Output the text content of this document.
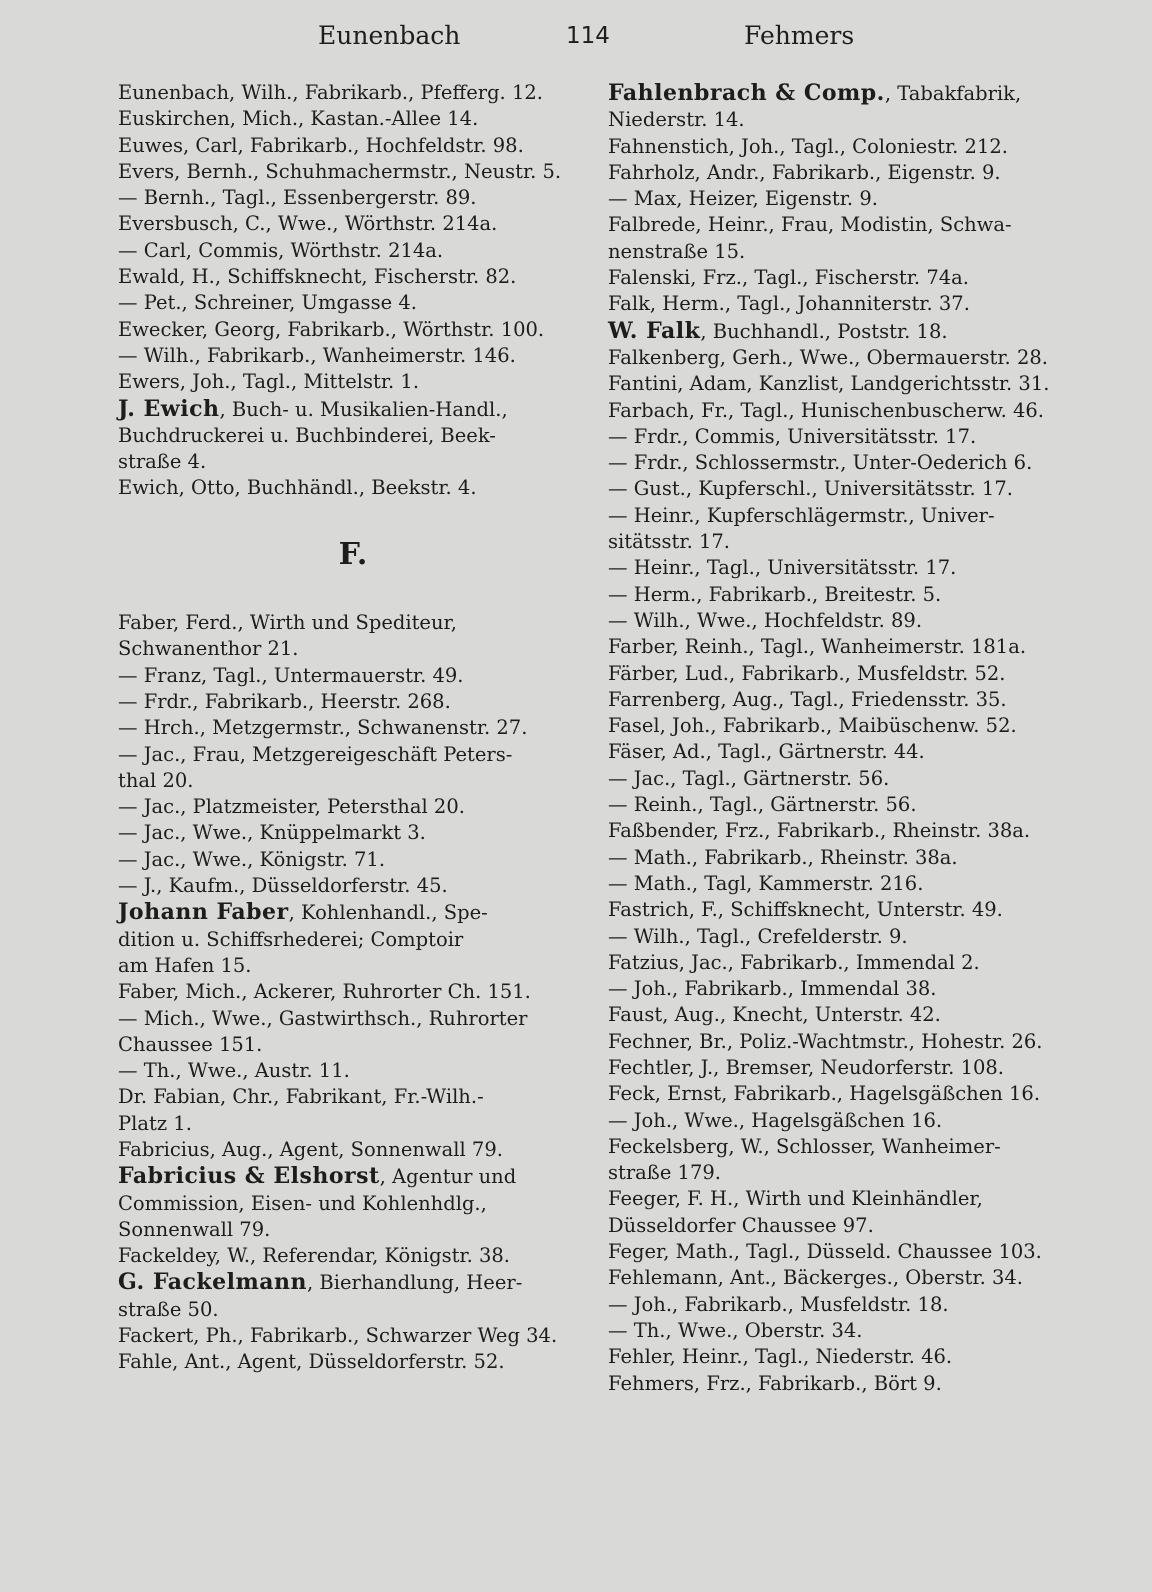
Eunenbach	114	Fehmers
Eunenbach, Wilh., Fabrikarb., Pfefferg. 12.
Euskirchen, Mich., Kastan.-Allee 14.
Euwes, Carl, Fabrikarb., Hochfeldstr. 98.
Evers, Bernh., Schuhmachermstr., Neustr. 5.
— Bernh., Tagl., Essenbergerstr. 89.
Eversbusch, C., Wwe., Wörthstr. 214a.
— Carl, Commis, Wörthstr. 214a.
Ewald, H., Schiffsknecht, Fischerstr. 82.
— Pet., Schreiner, Umgasse 4.
Ewecker, Georg, Fabrikarb., Wörthstr. 100.
— Wilh., Fabrikarb., Wanheimerstr. 146.
Ewers, Joh., Tagl., Mittelstr. 1.
J. Ewich, Buch- u. Musikalien-Handl.,
Buchdruckerei u. Buchbinderei, Beek-
straße 4.
Ewich, Otto, Buchhändl., Beekstr. 4.
F.
Faber, Ferd., Wirth und Spediteur,
Schwanenthor 21.
— Franz, Tagl., Untermauerstr. 49.
— Frdr., Fabrikarb., Heerstr. 268.
— Hrch., Metzgermstr., Schwanenstr. 27.
— Jac., Frau, Metzgereigeschäft Peters-
thal 20.
— Jac., Platzmeister, Petersthal 20.
— Jac., Wwe., Knüppelmarkt 3.
— Jac., Wwe., Königstr. 71.
— J., Kaufm., Düsseldorferstr. 45.
Johann Faber, Kohlenhandl., Spe-
dition u. Schiffsrhederei; Comptoir
am Hafen 15.
Faber, Mich., Ackerer, Ruhrorter Ch. 151.
— Mich., Wwe., Gastwirthsch., Ruhrorter
Chaussee 151.
— Th., Wwe., Austr. 11.
Dr. Fabian, Chr., Fabrikant, Fr.-Wilh.-
Platz 1.
Fabricius, Aug., Agent, Sonnenwall 79.
Fabricius & Elshorst, Agentur und
Commission, Eisen- und Kohlenhdlg.,
Sonnenwall 79.
Fackeldey, W., Referendar, Königstr. 38.
G. Fackelmann, Bierhandlung, Heer-
straße 50.
Fackert, Ph., Fabrikarb., Schwarzer Weg 34.
Fahle, Ant., Agent, Düsseldorferstr. 52.
Fahlenbrach & Comp., Tabakfabrik,
Niederstr. 14.
Fahnenstich, Joh., Tagl., Coloniestr. 212.
Fahrholz, Andr., Fabrikarb., Eigenstr. 9.
— Max, Heizer, Eigenstr. 9.
Falbrede, Heinr., Frau, Modistin, Schwa-
nenstraße 15.
Falenski, Frz., Tagl., Fischerstr. 74a.
Falk, Herm., Tagl., Johanniterstr. 37.
W. Falk, Buchhandl., Poststr. 18.
Falkenberg, Gerh., Wwe., Obermauerstr. 28.
Fantini, Adam, Kanzlist, Landgerichtsstr. 31.
Farbach, Fr., Tagl., Hunischenbuscherw. 46.
— Frdr., Commis, Universitätsstr. 17.
— Frdr., Schlossermstr., Unter-Oederich 6.
— Gust., Kupferschl., Universitätsstr. 17.
— Heinr., Kupferschlägermstr., Univer-
sitätsstr. 17.
— Heinr., Tagl., Universitätsstr. 17.
— Herm., Fabrikarb., Breitestr. 5.
— Wilh., Wwe., Hochfeldstr. 89.
Farber, Reinh., Tagl., Wanheimerstr. 181a.
Färber, Lud., Fabrikarb., Musfeldstr. 52.
Farrenberg, Aug., Tagl., Friedensstr. 35.
Fasel, Joh., Fabrikarb., Maibüschenw. 52.
Fäser, Ad., Tagl., Gärtnerstr. 44.
— Jac., Tagl., Gärtnerstr. 56.
— Reinh., Tagl., Gärtnerstr. 56.
Faßbender, Frz., Fabrikarb., Rheinstr. 38a.
— Math., Fabrikarb., Rheinstr. 38a.
— Math., Tagl, Kammerstr. 216.
Fastrich, F., Schiffsknecht, Unterstr. 49.
— Wilh., Tagl., Crefelderstr. 9.
Fatzius, Jac., Fabrikarb., Immendal 2.
— Joh., Fabrikarb., Immendal 38.
Faust, Aug., Knecht, Unterstr. 42.
Fechner, Br., Poliz.-Wachtmstr., Hohestr. 26.
Fechtler, J., Bremser, Neudorferstr. 108.
Feck, Ernst, Fabrikarb., Hagelsgäßchen 16.
— Joh., Wwe., Hagelsgäßchen 16.
Feckelsberg, W., Schlosser, Wanheimer-
straße 179.
Feeger, F. H., Wirth und Kleinhändler,
Düsseldorfer Chaussee 97.
Feger, Math., Tagl., Düsseld. Chaussee 103.
Fehlemann, Ant., Bäckerges., Oberstr. 34.
— Joh., Fabrikarb., Musfeldstr. 18.
— Th., Wwe., Oberstr. 34.
Fehler, Heinr., Tagl., Niederstr. 46.
Fehmers, Frz., Fabrikarb., Bört 9.
